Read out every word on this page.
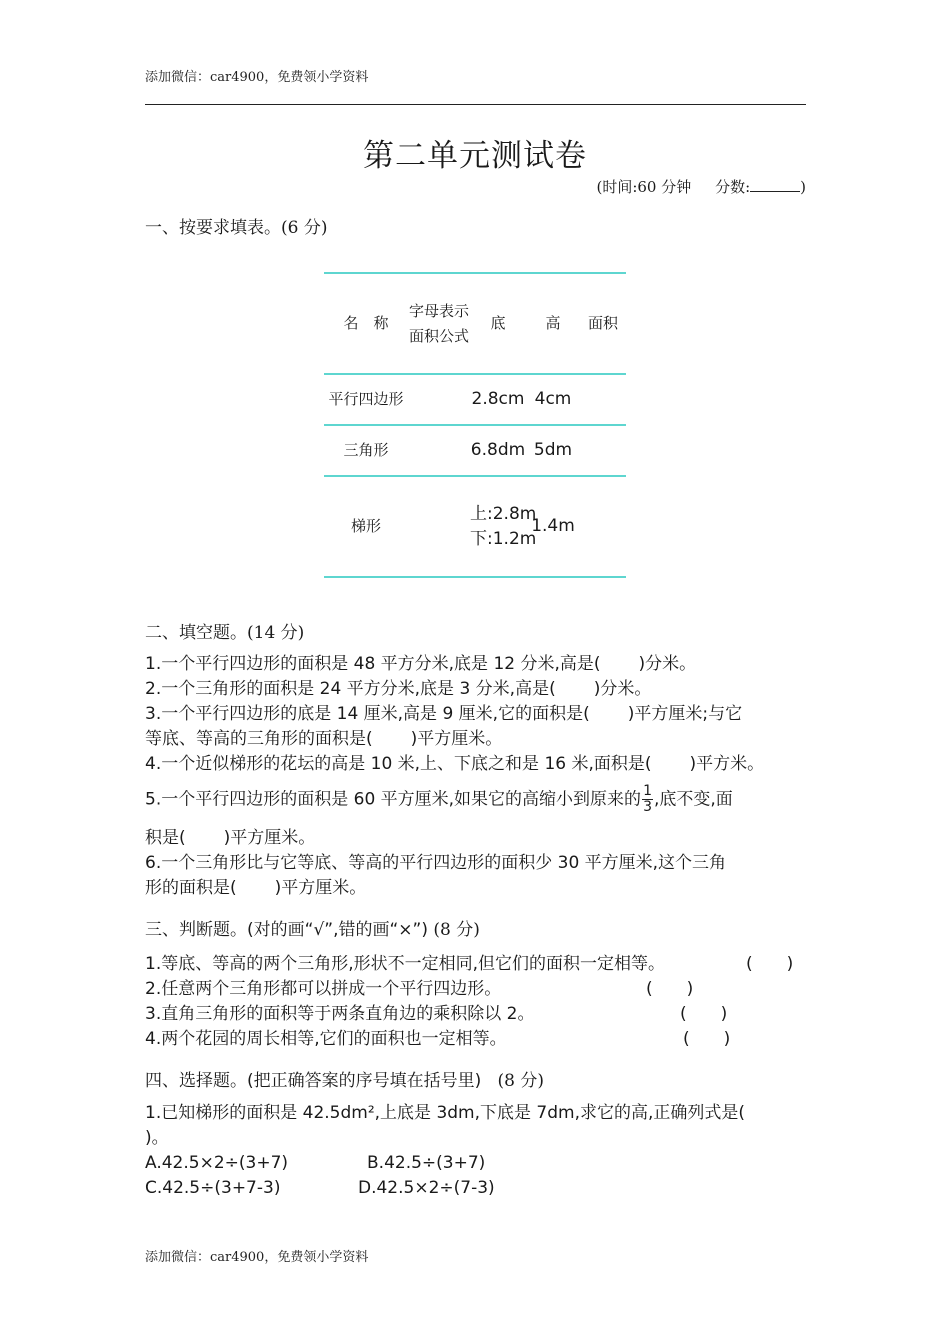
添加微信：car4900，免费领小学资料
第二单元测试卷
(时间:60 分钟 分数:	)
一、按要求填表。(6 分)
名　称	字母表示面积公式	底	高	面积
平行四边形		2.8cm	4cm	
三角形		6.8dm	5dm	
梯形		上:2.8m下:1.2m	1.4m	
二、填空题。(14 分)
1.一个平行四边形的面积是 48 平方分米,底是 12 分米,高是( )分米。
2.一个三角形的面积是 24 平方分米,底是 3 分米,高是( )分米。
3.一个平行四边形的底是 14 厘米,高是 9 厘米,它的面积是( )平方厘米;与它
等底、等高的三角形的面积是( )平方厘米。
4.一个近似梯形的花坛的高是 10 米,上、下底之和是 16 米,面积是( )平方米。
5.一个平行四边形的面积是 60 平方厘米,如果它的高缩小到原来的 $\frac{1}{3}$ ,底不变,面
积是( )平方厘米。
6.一个三角形比与它等底、等高的平行四边形的面积少 30 平方厘米,这个三角
形的面积是( )平方厘米。
三、判断题。(对的画“√”,错的画“×”) (8 分)
1.等底、等高的两个三角形,形状不一定相同,但它们的面积一定相等。	(　　)
2.任意两个三角形都可以拼成一个平行四边形。	(　　)
3.直角三角形的面积等于两条直角边的乘积除以 2。	(　　)
4.两个花园的周长相等,它们的面积也一定相等。	(　　)
四、选择题。(把正确答案的序号填在括号里) (8 分)
1.已知梯形的面积是 42.5dm²,上底是 3dm,下底是 7dm,求它的高,正确列式是(
)。
A.42.5×2÷(3+7)	B.42.5÷(3+7)
C.42.5÷(3+7-3)	D.42.5×2÷(7-3)
添加微信：car4900，免费领小学资料
